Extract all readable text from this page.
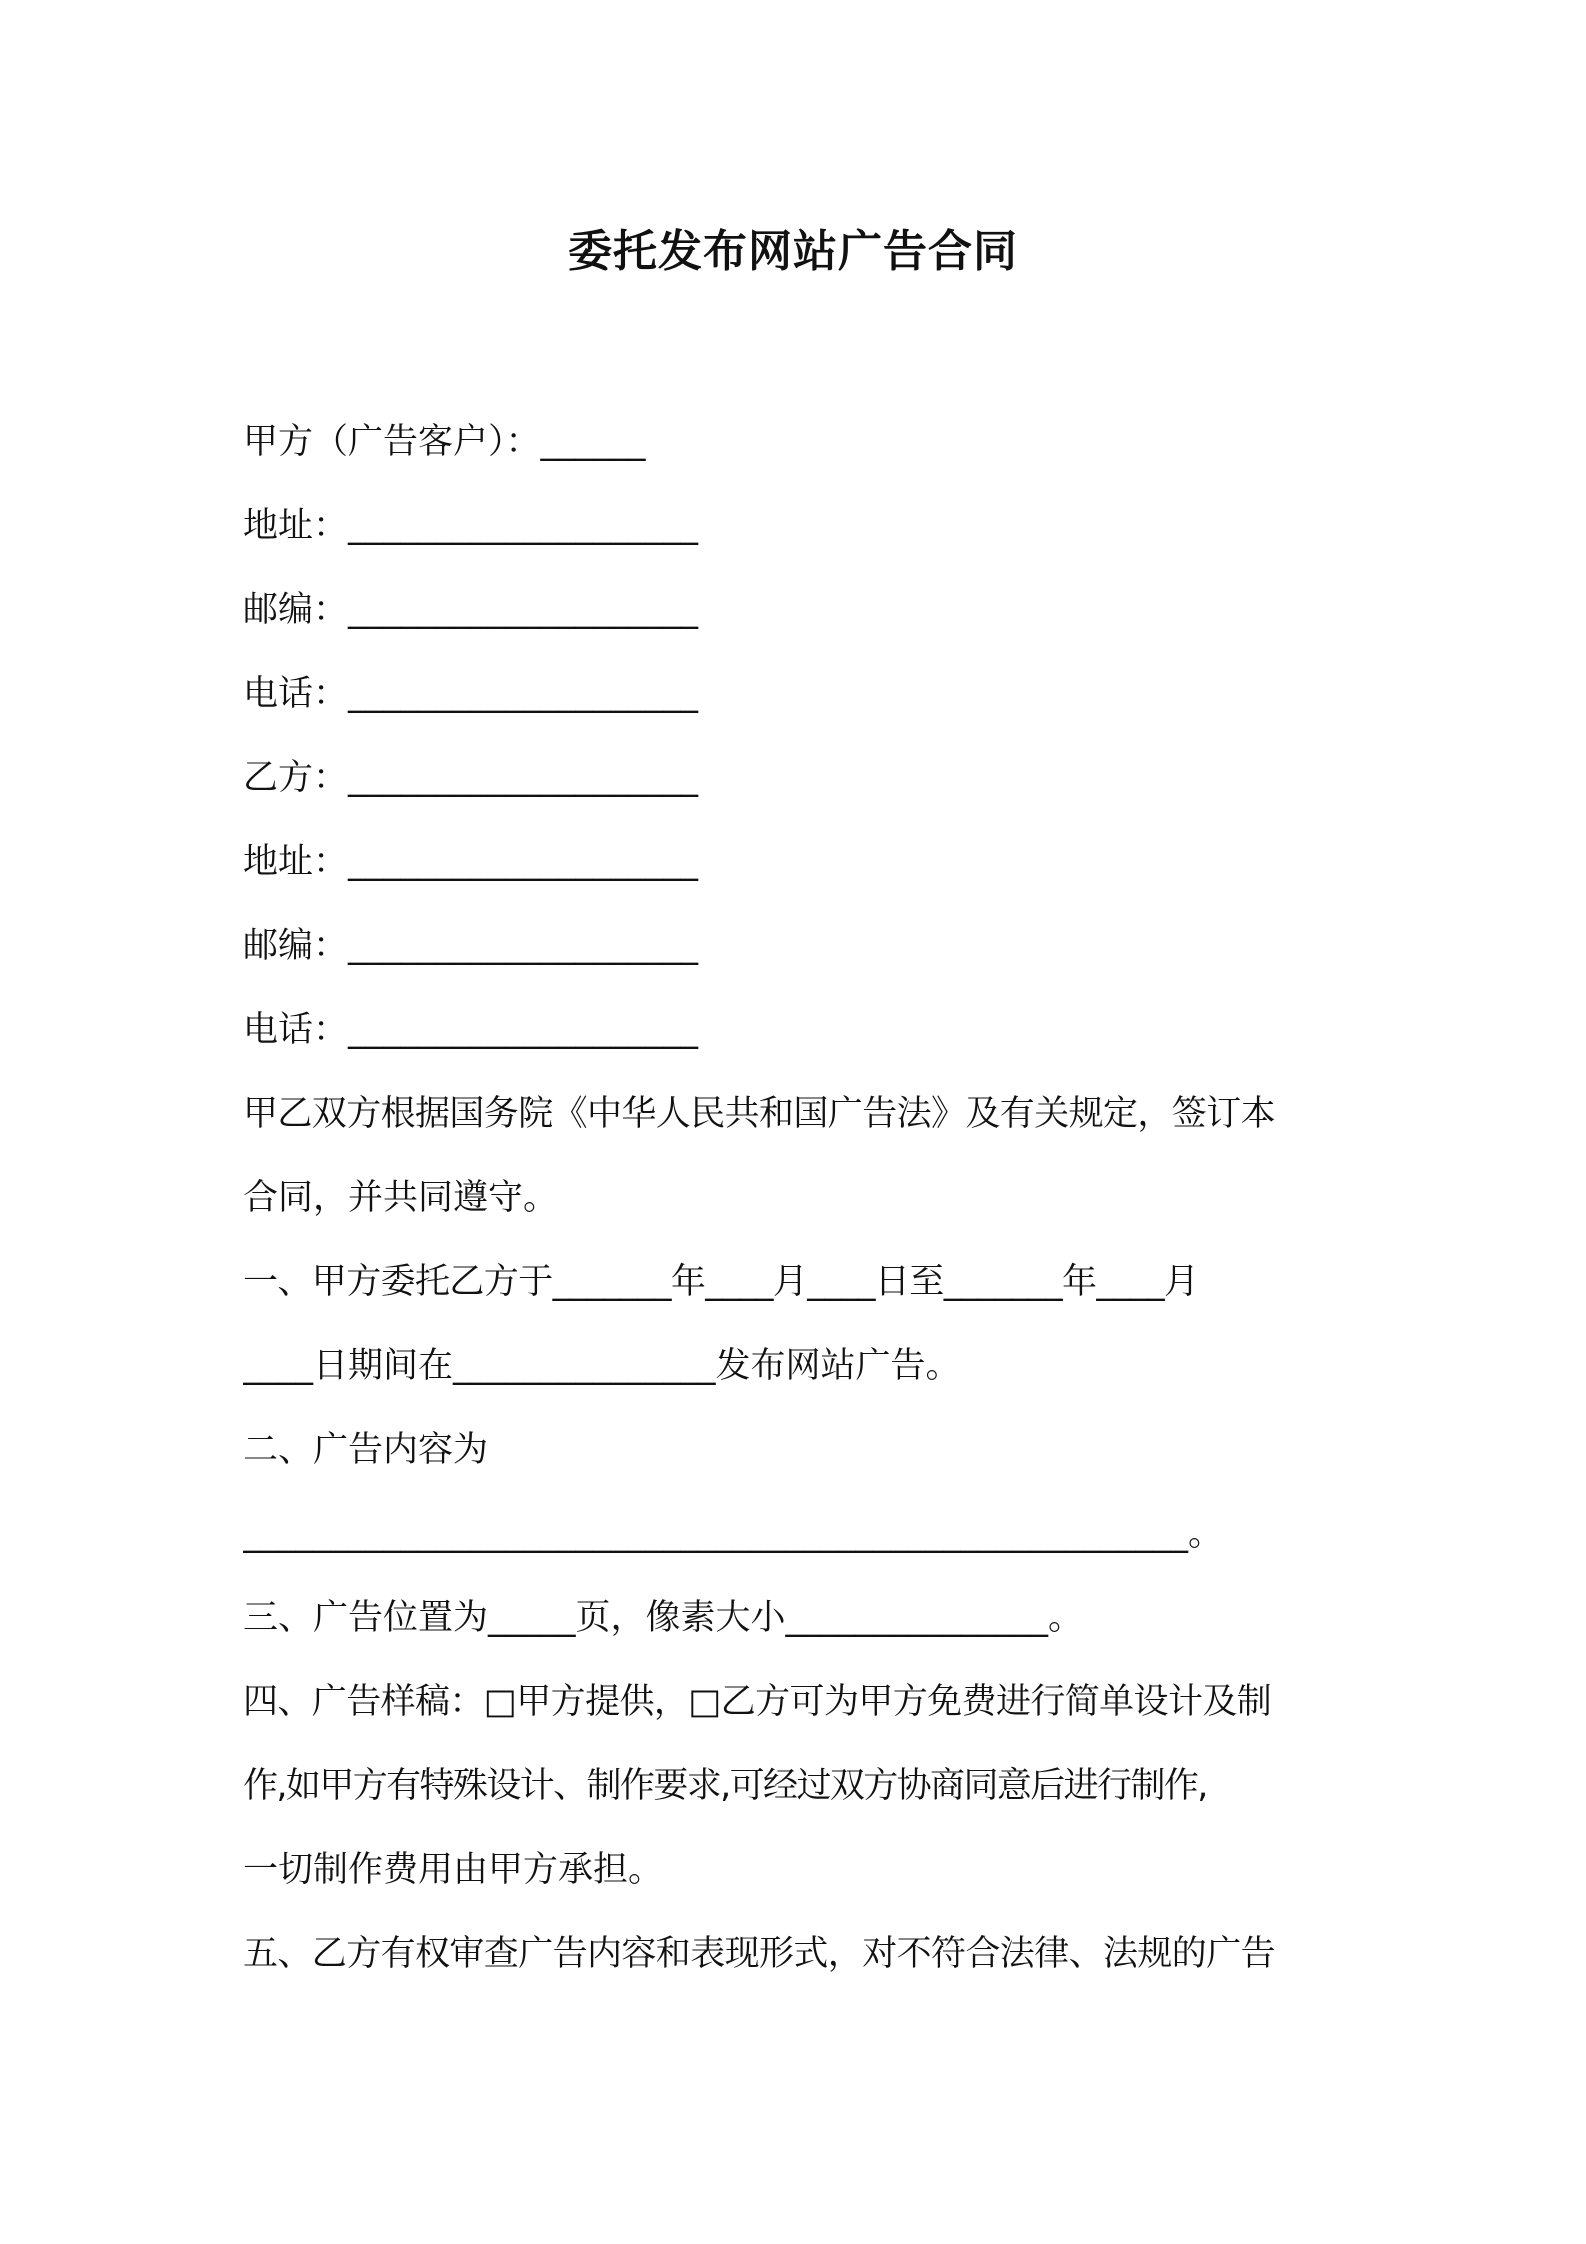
委托发布网站广告合同
甲方（广告客户）：______
地址：____________________
邮编：____________________
电话：____________________
乙方：____________________
地址：____________________
邮编：____________________
电话：____________________
甲乙双方根据国务院《中华人民共和国广告法》及有关规定，签订本
合同，并共同遵守。
一、甲方委托乙方于_______年____月____日至_______年____月
____日期间在_______________发布网站广告。
二、广告内容为
______________________________________________________。
三、广告位置为_____页，像素大小_______________。
四、广告样稿：□甲方提供，□乙方可为甲方免费进行简单设计及制
作,如甲方有特殊设计、制作要求,可经过双方协商同意后进行制作,
一切制作费用由甲方承担。
五、乙方有权审查广告内容和表现形式，对不符合法律、法规的广告
